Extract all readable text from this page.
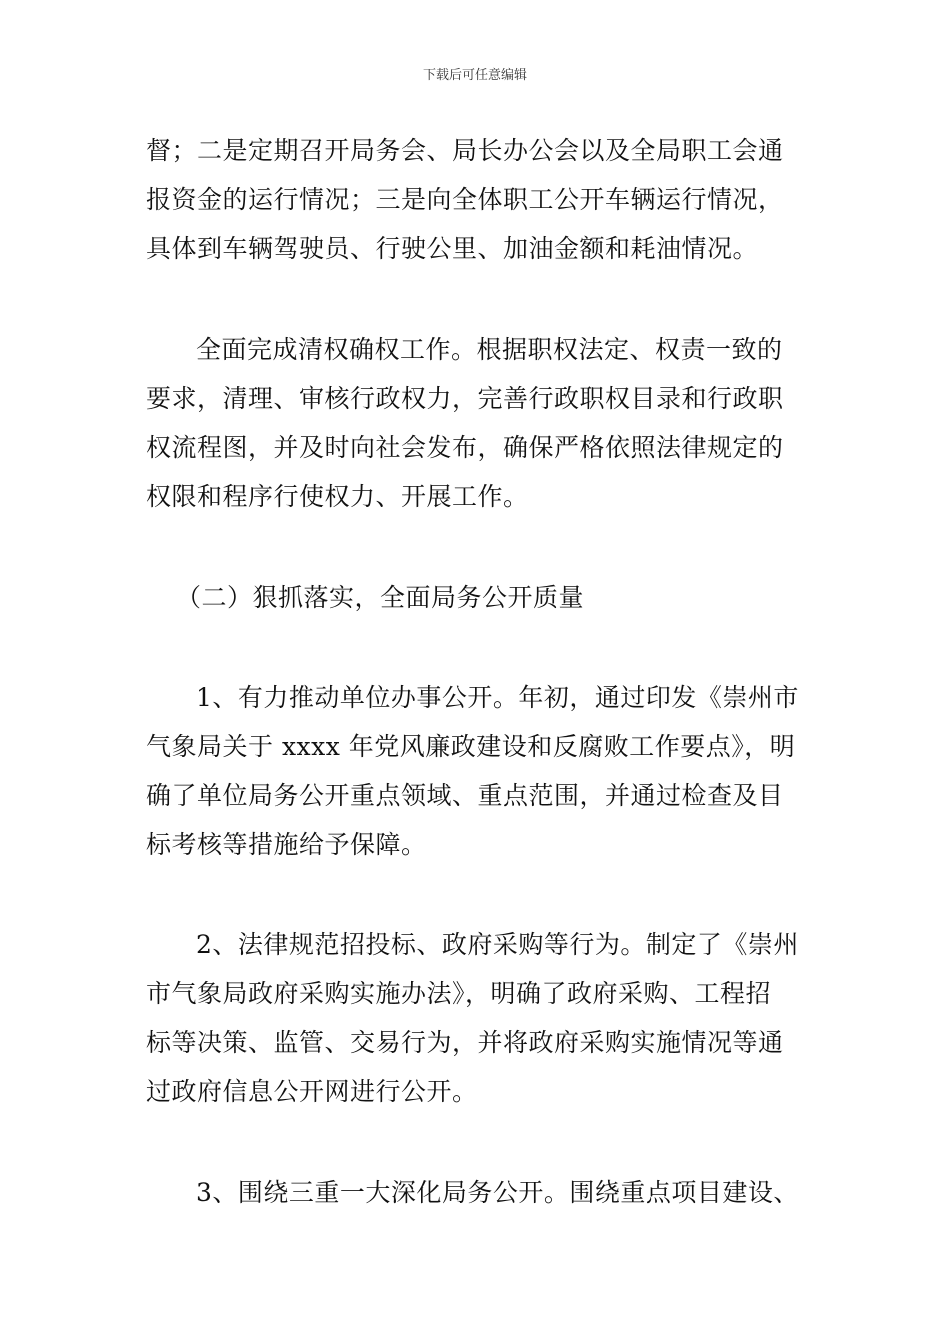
下载后可任意编辑
督；二是定期召开局务会、局长办公会以及全局职工会通
报资金的运行情况；三是向全体职工公开车辆运行情况，
具体到车辆驾驶员、行驶公里、加油金额和耗油情况。
全面完成清权确权工作。根据职权法定、权责一致的
要求，清理、审核行政权力，完善行政职权目录和行政职
权流程图，并及时向社会发布，确保严格依照法律规定的
权限和程序行使权力、开展工作。
（二）狠抓落实，全面局务公开质量
1、有力推动单位办事公开。年初，通过印发《崇州市
气象局关于 xxxx 年党风廉政建设和反腐败工作要点》，明
确了单位局务公开重点领域、重点范围，并通过检查及目
标考核等措施给予保障。
2、法律规范招投标、政府采购等行为。制定了《崇州
市气象局政府采购实施办法》，明确了政府采购、工程招
标等决策、监管、交易行为，并将政府采购实施情况等通
过政府信息公开网进行公开。
3、围绕三重一大深化局务公开。围绕重点项目建设、
